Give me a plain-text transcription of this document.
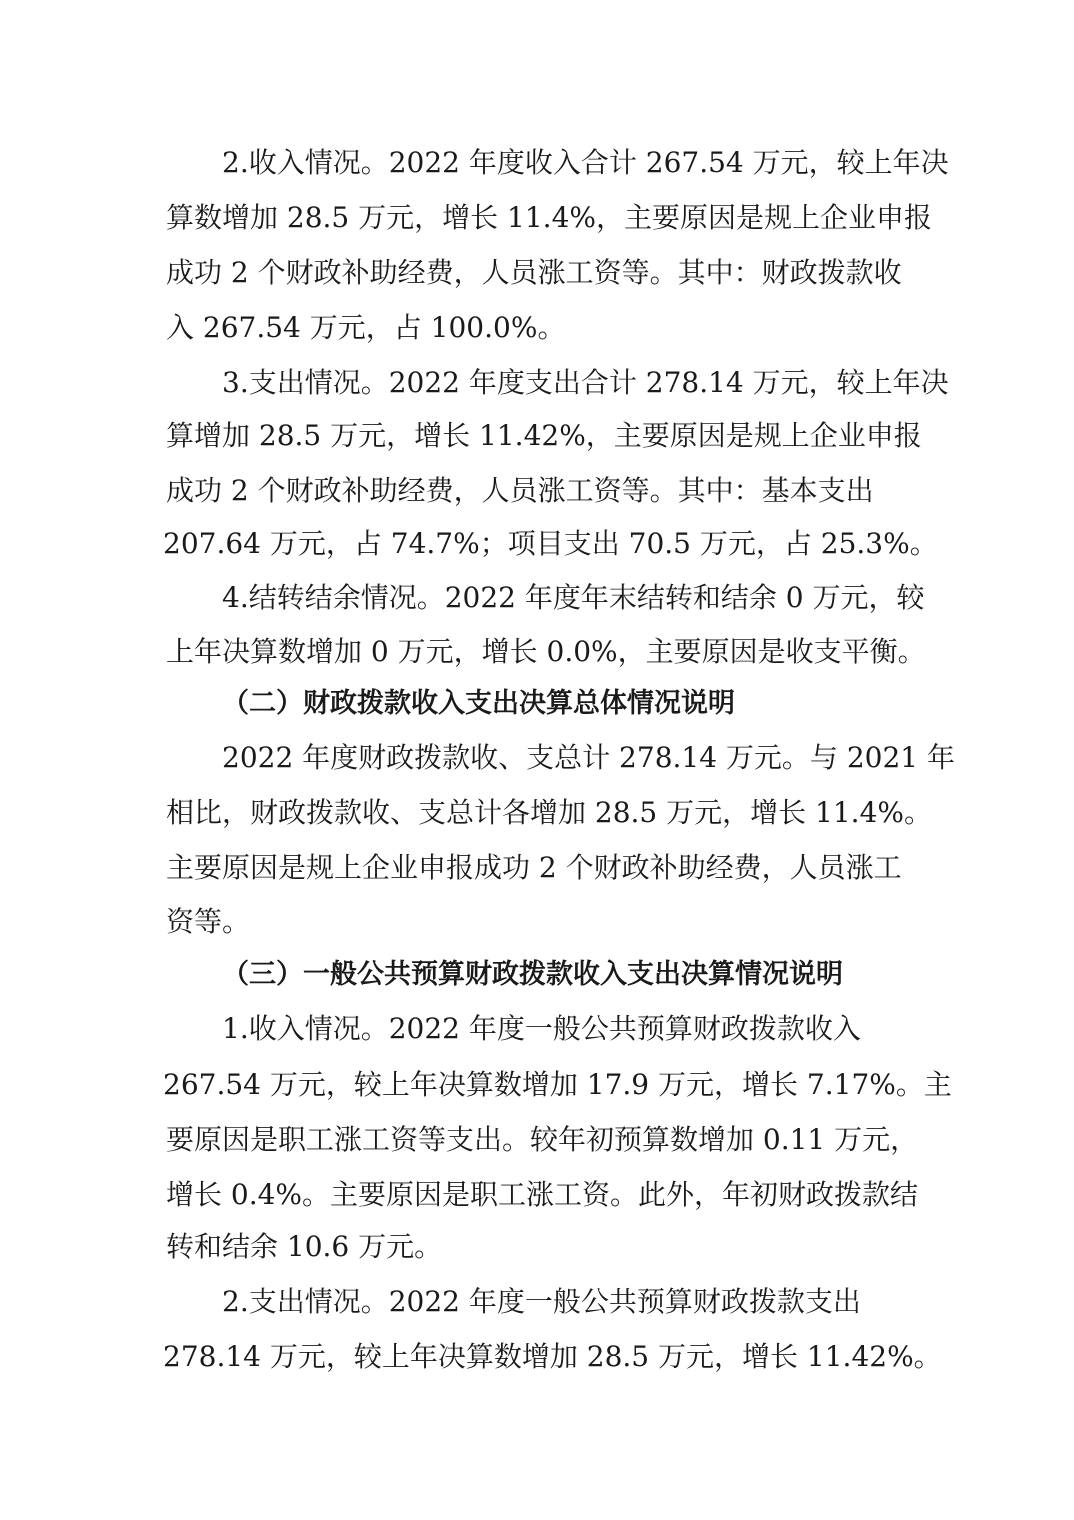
2.收入情况。2022 年度收入合计 267.54 万元，较上年决

算数增加 28.5 万元，增长 11.4%，主要原因是规上企业申报

成功 2 个财政补助经费，人员涨工资等。其中：财政拨款收

入 267.54 万元，占 100.0%。

3.支出情况。2022 年度支出合计 278.14 万元，较上年决

算增加 28.5 万元，增长 11.42%，主要原因是规上企业申报

成功 2 个财政补助经费，人员涨工资等。其中：基本支出

207.64 万元，占 74.7%；项目支出 70.5 万元，占 25.3%。

4.结转结余情况。2022 年度年末结转和结余 0 万元，较

上年决算数增加 0 万元，增长 0.0%，主要原因是收支平衡。

（二）财政拨款收入支出决算总体情况说明

2022 年度财政拨款收、支总计 278.14 万元。与 2021 年

相比，财政拨款收、支总计各增加 28.5 万元，增长 11.4%。

主要原因是规上企业申报成功 2 个财政补助经费，人员涨工

资等。

（三）一般公共预算财政拨款收入支出决算情况说明

1.收入情况。2022 年度一般公共预算财政拨款收入

267.54 万元，较上年决算数增加 17.9 万元，增长 7.17%。主

要原因是职工涨工资等支出。较年初预算数增加 0.11 万元，

增长 0.4%。主要原因是职工涨工资。此外，年初财政拨款结

转和结余 10.6 万元。

2.支出情况。2022 年度一般公共预算财政拨款支出

278.14 万元，较上年决算数增加 28.5 万元，增长 11.42%。
